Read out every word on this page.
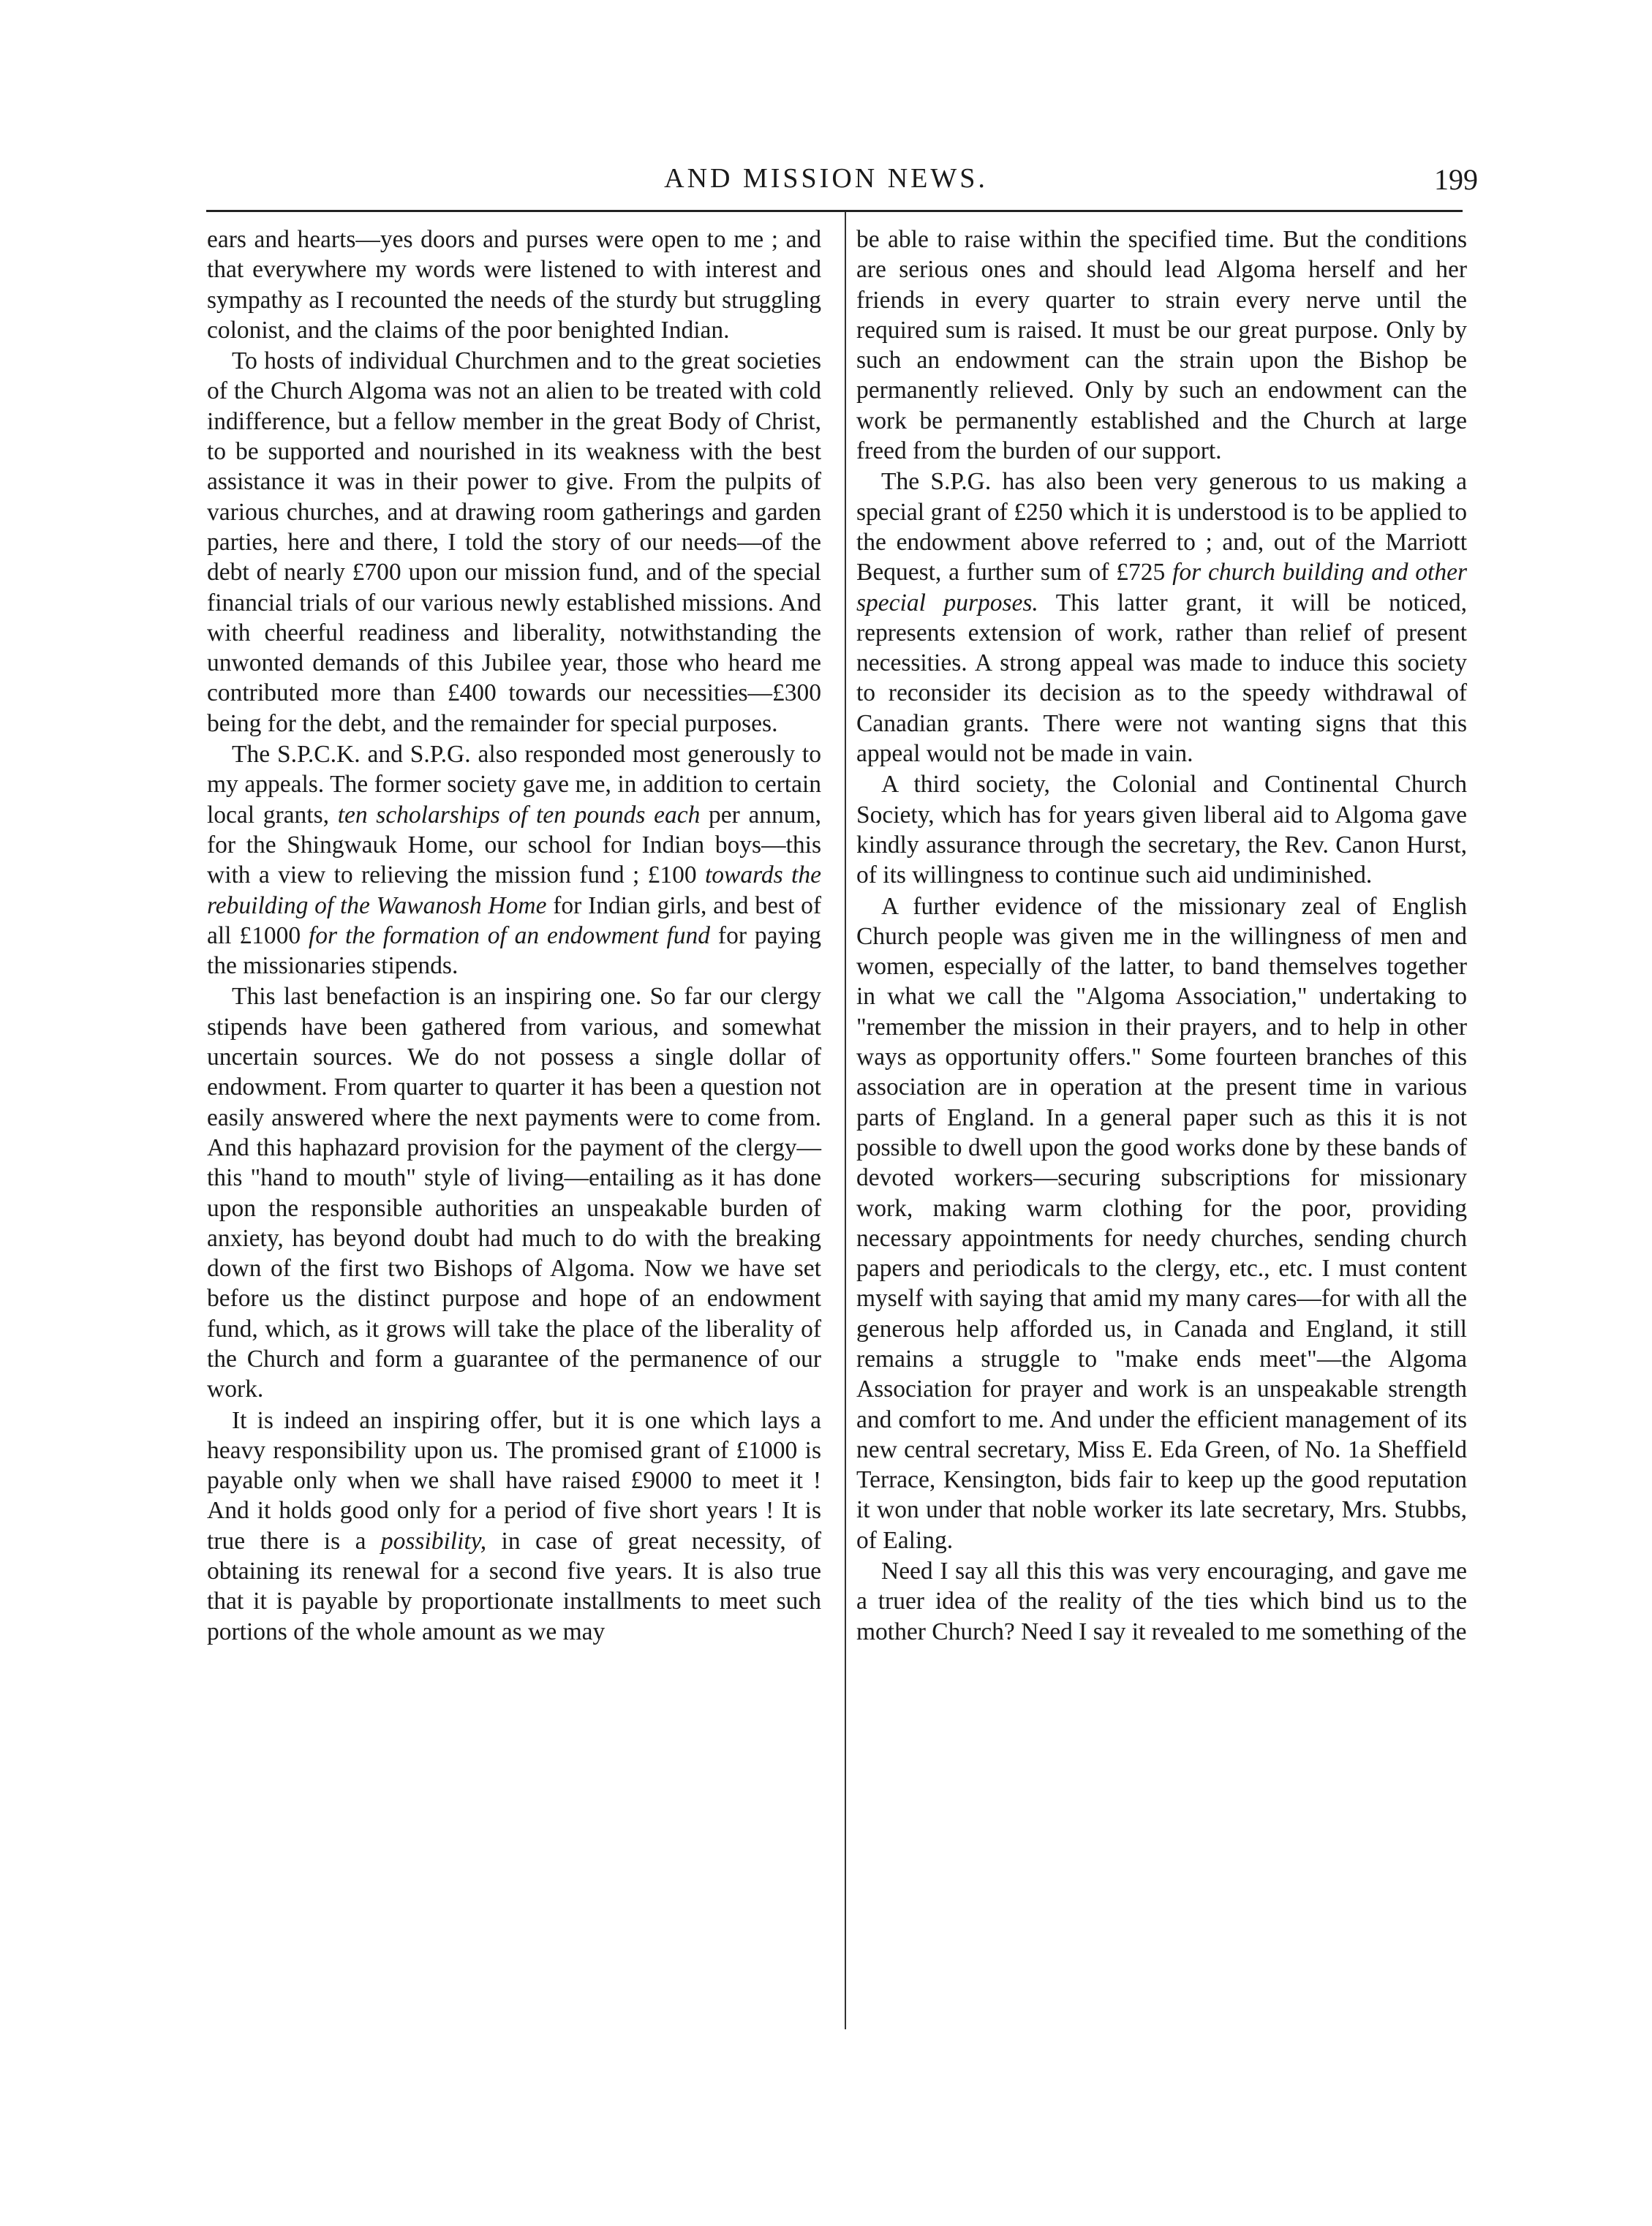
AND MISSION NEWS.	199

ears and hearts—yes doors and purses were open to me ; and that everywhere my words were listened to with interest and sympathy as I recounted the needs of the sturdy but struggling colonist, and the claims of the poor benighted Indian.

To hosts of individual Churchmen and to the great societies of the Church Algoma was not an alien to be treated with cold indifference, but a fellow member in the great Body of Christ, to be supported and nourished in its weakness with the best assistance it was in their power to give. From the pulpits of various churches, and at drawing room gatherings and garden parties, here and there, I told the story of our needs—of the debt of nearly £700 upon our mission fund, and of the special financial trials of our various newly established missions. And with cheerful readiness and liberality, notwithstanding the unwonted demands of this Jubilee year, those who heard me contributed more than £400 towards our necessities—£300 being for the debt, and the remainder for special purposes.

The S.P.C.K. and S.P.G. also responded most generously to my appeals. The former society gave me, in addition to certain local grants, ten scholarships of ten pounds each per annum, for the Shingwauk Home, our school for Indian boys—this with a view to relieving the mission fund ; £100 towards the rebuilding of the Wawanosh Home for Indian girls, and best of all £1000 for the formation of an endowment fund for paying the missionaries stipends.

This last benefaction is an inspiring one. So far our clergy stipends have been gathered from various, and somewhat uncertain sources. We do not possess a single dollar of endowment. From quarter to quarter it has been a question not easily answered where the next payments were to come from. And this haphazard provision for the payment of the clergy—this "hand to mouth" style of living—entailing as it has done upon the responsible authorities an unspeakable burden of anxiety, has beyond doubt had much to do with the breaking down of the first two Bishops of Algoma. Now we have set before us the distinct purpose and hope of an endowment fund, which, as it grows will take the place of the liberality of the Church and form a guarantee of the permanence of our work.

It is indeed an inspiring offer, but it is one which lays a heavy responsibility upon us. The promised grant of £1000 is payable only when we shall have raised £9000 to meet it ! And it holds good only for a period of five short years ! It is true there is a possibility, in case of great necessity, of obtaining its renewal for a second five years. It is also true that it is payable by proportionate installments to meet such portions of the whole amount as we may

be able to raise within the specified time. But the conditions are serious ones and should lead Algoma herself and her friends in every quarter to strain every nerve until the required sum is raised. It must be our great purpose. Only by such an endowment can the strain upon the Bishop be permanently relieved. Only by such an endowment can the work be permanently established and the Church at large freed from the burden of our support.

The S.P.G. has also been very generous to us making a special grant of £250 which it is understood is to be applied to the endowment above referred to ; and, out of the Marriott Bequest, a further sum of £725 for church building and other special purposes. This latter grant, it will be noticed, represents extension of work, rather than relief of present necessities. A strong appeal was made to induce this society to reconsider its decision as to the speedy withdrawal of Canadian grants. There were not wanting signs that this appeal would not be made in vain.

A third society, the Colonial and Continental Church Society, which has for years given liberal aid to Algoma gave kindly assurance through the secretary, the Rev. Canon Hurst, of its willingness to continue such aid undiminished.

A further evidence of the missionary zeal of English Church people was given me in the willingness of men and women, especially of the latter, to band themselves together in what we call the "Algoma Association," undertaking to "remember the mission in their prayers, and to help in other ways as opportunity offers." Some fourteen branches of this association are in operation at the present time in various parts of England. In a general paper such as this it is not possible to dwell upon the good works done by these bands of devoted workers—securing subscriptions for missionary work, making warm clothing for the poor, providing necessary appointments for needy churches, sending church papers and periodicals to the clergy, etc., etc. I must content myself with saying that amid my many cares—for with all the generous help afforded us, in Canada and England, it still remains a struggle to "make ends meet"—the Algoma Association for prayer and work is an unspeakable strength and comfort to me. And under the efficient management of its new central secretary, Miss E. Eda Green, of No. 1a Sheffield Terrace, Kensington, bids fair to keep up the good reputation it won under that noble worker its late secretary, Mrs. Stubbs, of Ealing.

Need I say all this this was very encouraging, and gave me a truer idea of the reality of the ties which bind us to the mother Church? Need I say it revealed to me something of the
